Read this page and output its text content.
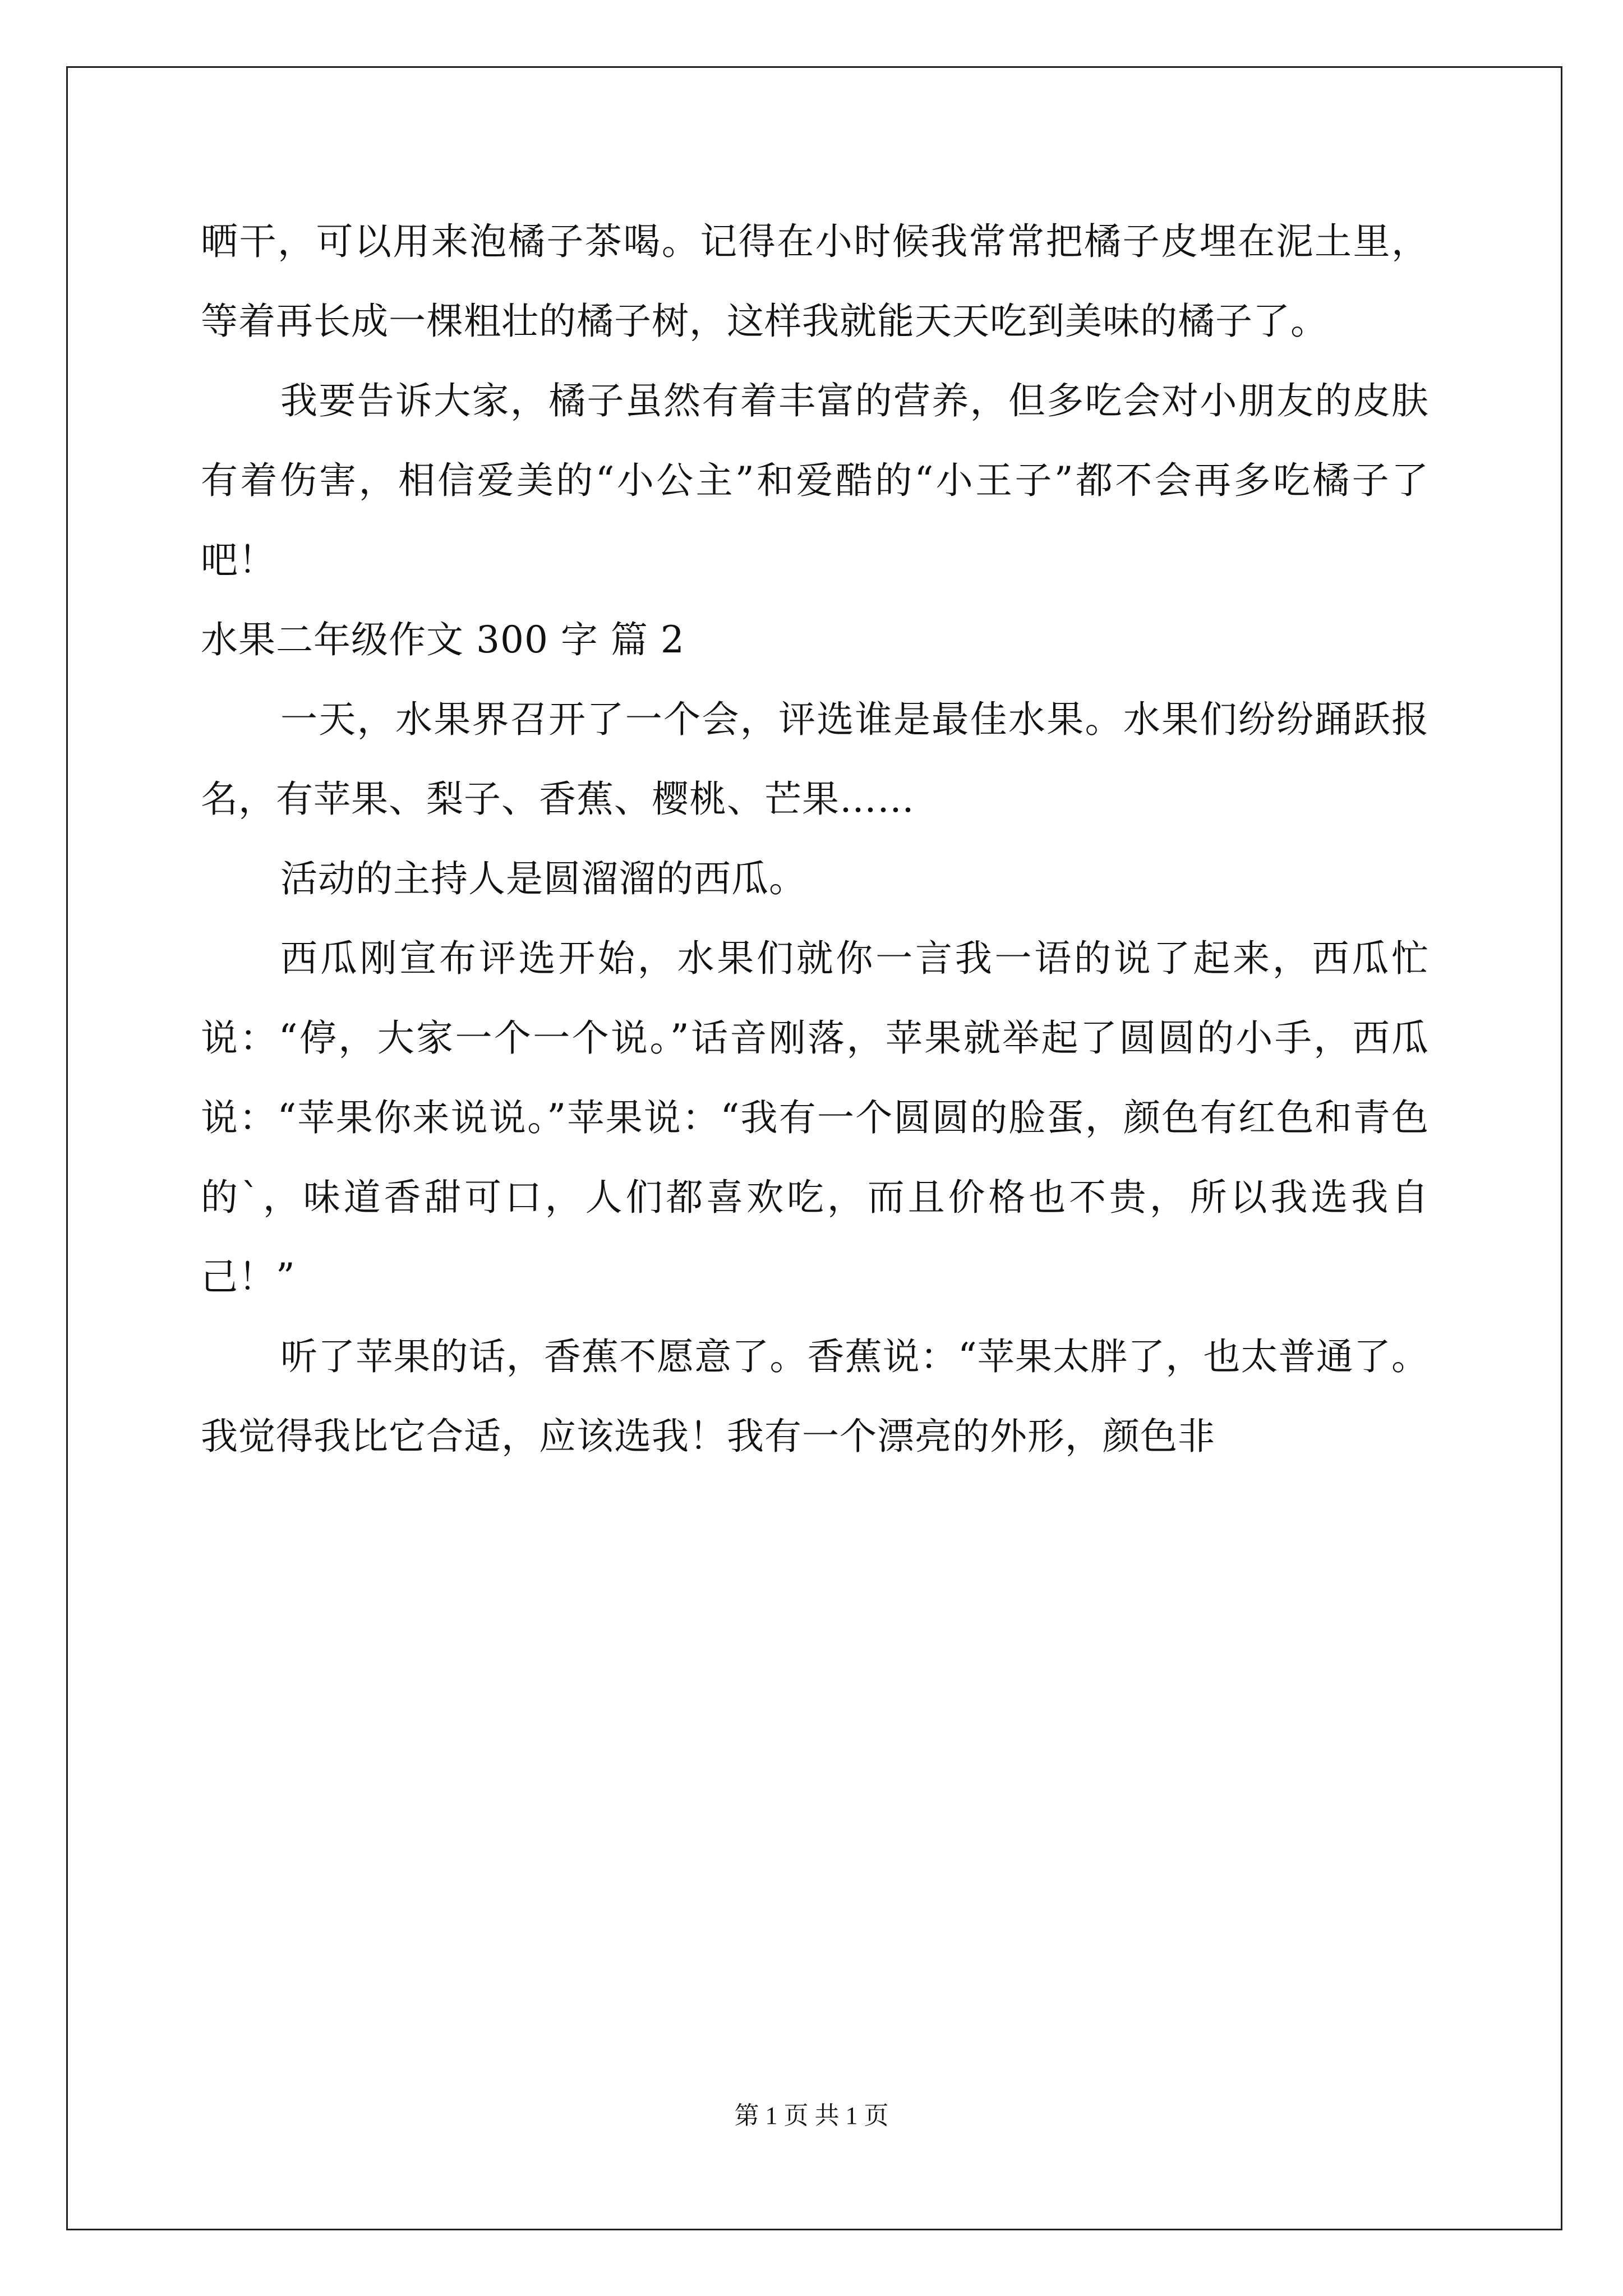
晒干，可以用来泡橘子茶喝。记得在小时候我常常把橘子皮埋在泥土里，等着再长成一棵粗壮的橘子树，这样我就能天天吃到美味的橘子了。

我要告诉大家，橘子虽然有着丰富的营养，但多吃会对小朋友的皮肤有着伤害，相信爱美的“小公主”和爱酷的“小王子”都不会再多吃橘子了吧！

水果二年级作文 300 字 篇 2

一天，水果界召开了一个会，评选谁是最佳水果。水果们纷纷踊跃报名，有苹果、梨子、香蕉、樱桃、芒果……

活动的主持人是圆溜溜的西瓜。

西瓜刚宣布评选开始，水果们就你一言我一语的说了起来，西瓜忙说：“停，大家一个一个说。”话音刚落，苹果就举起了圆圆的小手，西瓜说：“苹果你来说说。”苹果说：“我有一个圆圆的脸蛋，颜色有红色和青色的`，味道香甜可口，人们都喜欢吃，而且价格也不贵，所以我选我自己！”

听了苹果的话，香蕉不愿意了。香蕉说：“苹果太胖了，也太普通了。我觉得我比它合适，应该选我！我有一个漂亮的外形，颜色非

第 1 页 共 1 页
